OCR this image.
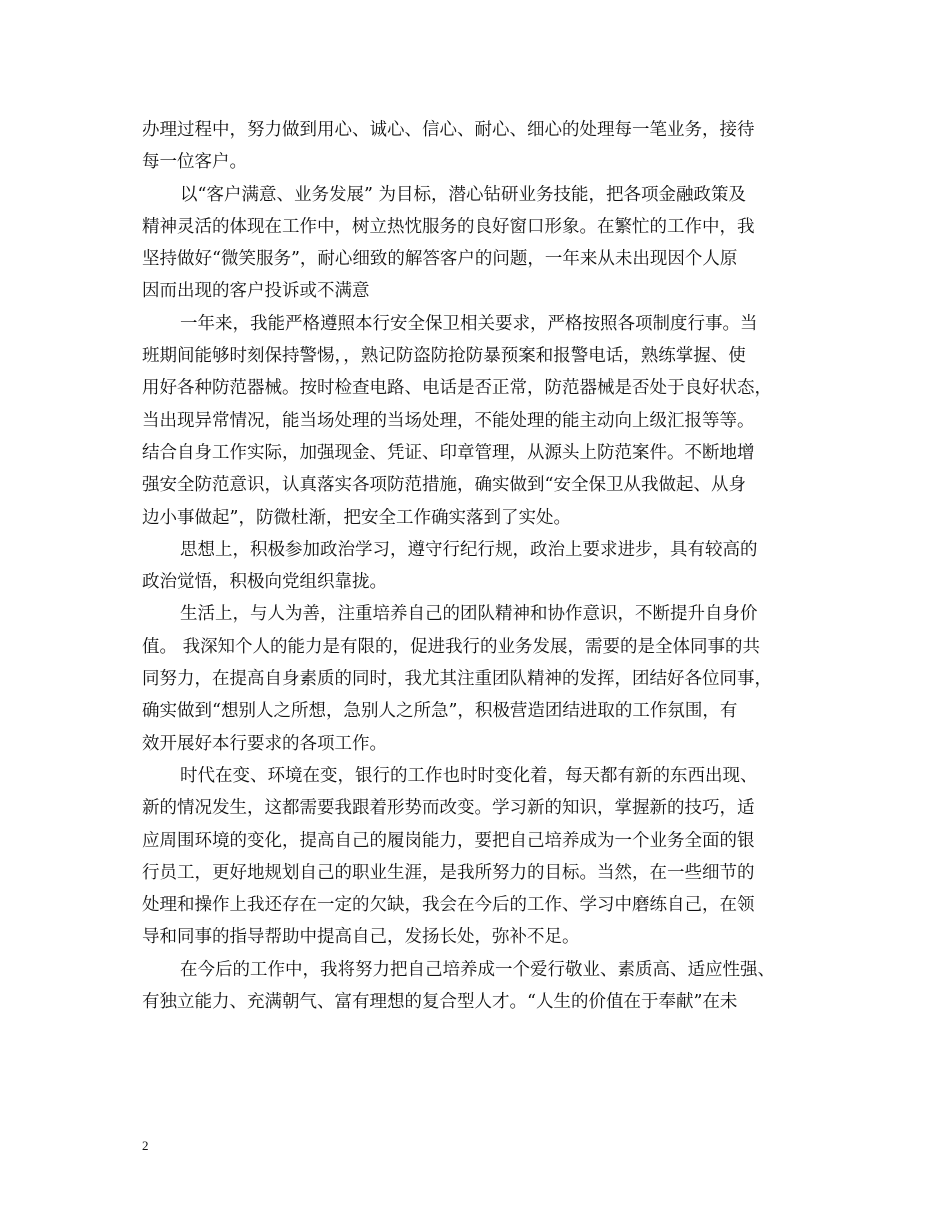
办理过程中，努力做到用心、诚心、信心、耐心、细心的处理每一笔业务，接待
每一位客户。

以“客户满意、业务发展” 为目标，潜心钻研业务技能，把各项金融政策及
精神灵活的体现在工作中，树立热忱服务的良好窗口形象。在繁忙的工作中，我
坚持做好“微笑服务”，耐心细致的解答客户的问题，一年来从未出现因个人原
因而出现的客户投诉或不满意

一年来，我能严格遵照本行安全保卫相关要求，严格按照各项制度行事。当
班期间能够时刻保持警惕，，熟记防盗防抢防暴预案和报警电话，熟练掌握、使
用好各种防范器械。按时检查电路、电话是否正常，防范器械是否处于良好状态，
当出现异常情况，能当场处理的当场处理，不能处理的能主动向上级汇报等等。
结合自身工作实际，加强现金、凭证、印章管理，从源头上防范案件。不断地增
强安全防范意识，认真落实各项防范措施，确实做到“安全保卫从我做起、从身
边小事做起”，防微杜渐，把安全工作确实落到了实处。

思想上，积极参加政治学习，遵守行纪行规，政治上要求进步，具有较高的
政治觉悟，积极向党组织靠拢。

生活上，与人为善，注重培养自己的团队精神和协作意识，不断提升自身价
值。 我深知个人的能力是有限的，促进我行的业务发展，需要的是全体同事的共
同努力，在提高自身素质的同时，我尤其注重团队精神的发挥，团结好各位同事，
确实做到“想别人之所想，急别人之所急”，积极营造团结进取的工作氛围，有
效开展好本行要求的各项工作。

时代在变、环境在变，银行的工作也时时变化着，每天都有新的东西出现、
新的情况发生，这都需要我跟着形势而改变。学习新的知识，掌握新的技巧，适
应周围环境的变化，提高自己的履岗能力，要把自己培养成为一个业务全面的银
行员工，更好地规划自己的职业生涯，是我所努力的目标。当然，在一些细节的
处理和操作上我还存在一定的欠缺，我会在今后的工作、学习中磨练自己，在领
导和同事的指导帮助中提高自己，发扬长处，弥补不足。

在今后的工作中，我将努力把自己培养成一个爱行敬业、素质高、适应性强、
有独立能力、充满朝气、富有理想的复合型人才。“人生的价值在于奉献”在未

2
